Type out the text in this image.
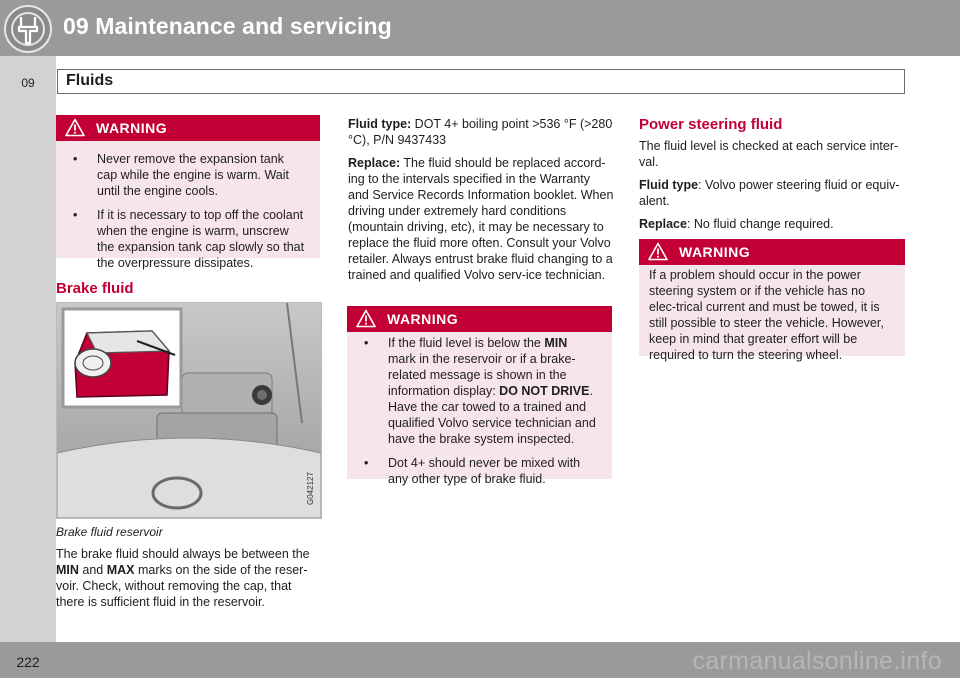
09 Maintenance and servicing
09	Fluids
WARNING
• Never remove the expansion tank cap while the engine is warm. Wait until the engine cools.
• If it is necessary to top off the coolant when the engine is warm, unscrew the expansion tank cap slowly so that the overpressure dissipates.
Brake fluid
G042127
Brake fluid reservoir

The brake fluid should always be between the MIN and MAX marks on the side of the reser-voir. Check, without removing the cap, that there is sufficient fluid in the reservoir.

Fluid type: DOT 4+ boiling point >536 °F (>280 °C), P/N 9437433

Replace: The fluid should be replaced accord-ing to the intervals specified in the Warranty and Service Records Information booklet. When driving under extremely hard conditions (mountain driving, etc), it may be necessary to replace the fluid more often. Consult your Volvo retailer. Always entrust brake fluid changing to a trained and qualified Volvo serv-ice technician.

WARNING
• If the fluid level is below the MIN mark in the reservoir or if a brake-related message is shown in the information display: DO NOT DRIVE. Have the car towed to a trained and qualified Volvo service technician and have the brake system inspected.
• Dot 4+ should never be mixed with any other type of brake fluid.
Power steering fluid

The fluid level is checked at each service inter-val.

Fluid type: Volvo power steering fluid or equiv-alent.

Replace: No fluid change required.

WARNING

If a problem should occur in the power steering system or if the vehicle has no elec-trical current and must be towed, it is still possible to steer the vehicle. However, keep in mind that greater effort will be required to turn the steering wheel.

222	carmanualsonline.info
